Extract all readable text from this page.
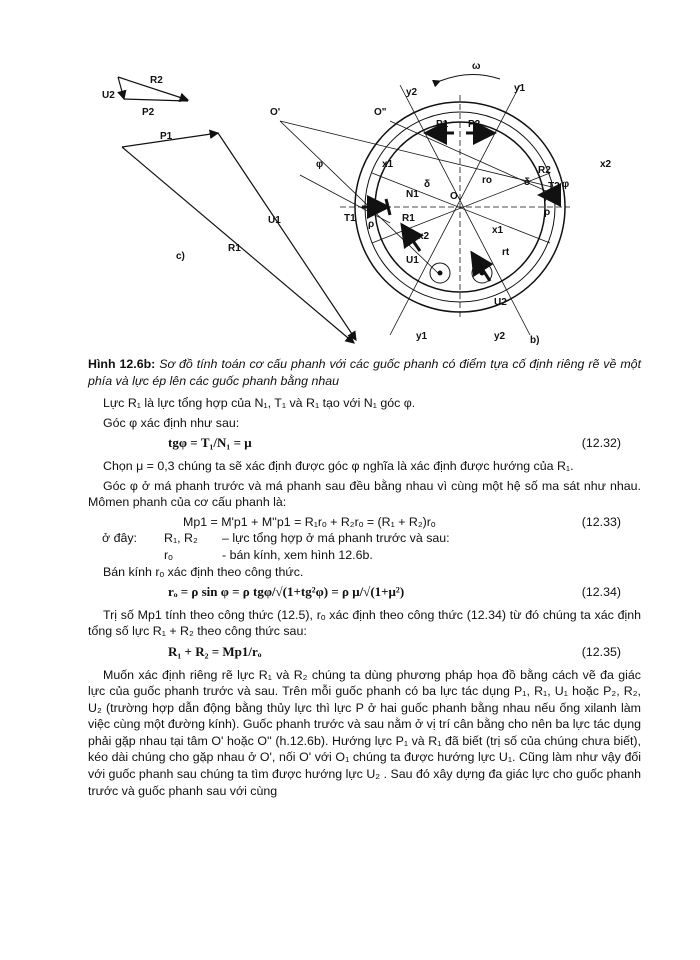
R2
U2
P2
P1
U1
R1
c)
ω
O'	O"
y2	y1
P1 P2
x1	x2
N1
T1	R1
O
δ	δ
ro
ρ
ρ
φ
φ
R2
T2
N2
x2
x1
rt
U1
U2
y1	y2 b)

Hình 12.6b: Sơ đồ tính toán cơ cấu phanh với các guốc phanh có điểm tựa cố định riêng rẽ về một phía và lực ép lên các guốc phanh bằng nhau

Lực R₁ là lực tổng hợp của N₁, T₁ và R₁ tạo với N₁ góc φ.

Góc φ xác định như sau:

tgφ = T₁/N₁ = μ	(12.32)

Chọn μ = 0,3 chúng ta sẽ xác định được góc φ nghĩa là xác định được hướng của R₁.

Góc φ ở má phanh trước và má phanh sau đều bằng nhau vì cùng một hệ số ma sát như nhau. Mômen phanh của cơ cấu phanh là:

Mp1 = M'p1 + M''p1 = R₁rₒ + R₂rₒ = (R₁ + R₂)rₒ	(12.33)

ở đây: R₁, R₂ – lực tổng hợp ở má phanh trước và sau:

rₒ	- bán kính, xem hình 12.6b.

Bán kính rₒ xác định theo công thức.

rₒ = ρ sin φ = ρ tgφ/√(1+tg²φ) = ρ μ/√(1+μ²)	(12.34)

Trị số Mp1 tính theo công thức (12.5), rₒ xác định theo công thức (12.34) từ đó chúng ta xác định tổng số lực R₁ + R₂ theo công thức sau:

R₁ + R₂ = Mp1/rₒ	(12.35)

Muốn xác định riêng rẽ lực R₁ và R₂ chúng ta dùng phương pháp họa đồ bằng cách vẽ đa giác lực của guốc phanh trước và sau. Trên mỗi guốc phanh có ba lực tác dụng P₁, R₁, U₁ hoặc P₂, R₂, U₂ (trường hợp dẫn động bằng thủy lực thì lực P ở hai guốc phanh bằng nhau nếu ống xilanh làm việc cùng một đường kính). Guốc phanh trước và sau nằm ở vị trí cân bằng cho nên ba lực tác dụng phải gặp nhau tại tâm O' hoặc O'' (h.12.6b). Hướng lực P₁ và R₁ đã biết (trị số của chúng chưa biết), kéo dài chúng cho gặp nhau ở O', nối O' với O₁ chúng ta được hướng lực U₁. Cũng làm như vậy đối với guốc phanh sau chúng ta tìm được hướng lực U₂ . Sau đó xây dựng đa giác lực cho guốc phanh trước và guốc phanh sau với cùng
